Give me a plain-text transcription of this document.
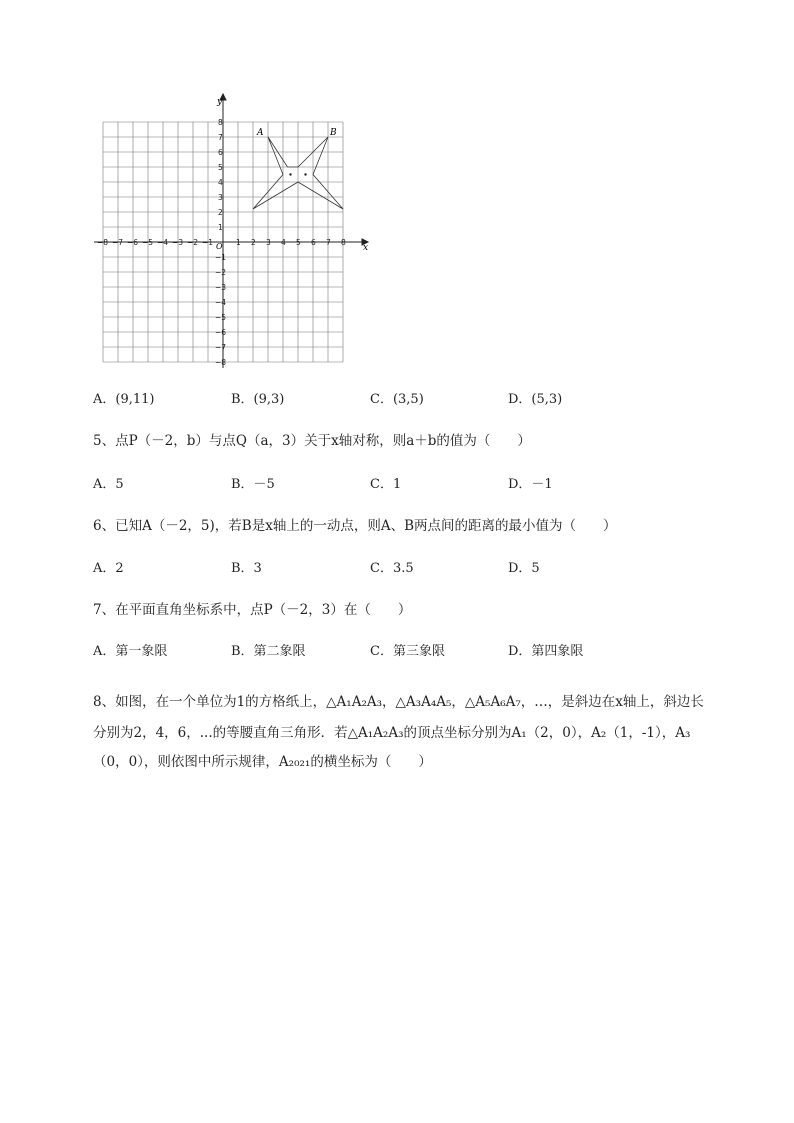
−8 −7 −6 −5 −4 −3 −2 −1	1 2 3 4 5 6 7 8
8
7
6
5
4
3
2
1
−1
−2
−3
−4
−5
−6
−7
−8
x
y
O
A	B
A．(9,11)	B．(9,3)	C．(3,5)	D．(5,3)
5、点P（－2，b）与点Q（a，3）关于x轴对称，则a＋b的值为（　　）
A．5	B．－5	C．1	D．－1
6、已知A（－2，5)，若B是x轴上的一动点，则A、B两点间的距离的最小值为（　　）
A．2	B．3	C．3.5	D．5
7、在平面直角坐标系中，点P（－2，3）在（　　）
A．第一象限	B．第二象限	C．第三象限	D．第四象限
8、如图，在一个单位为1的方格纸上，△A₁A₂A₃，△A₃A₄A₅，△A₅A₆A₇，…，是斜边在x轴上，斜边长
分别为2，4，6，...的等腰直角三角形．若△A₁A₂A₃的顶点坐标分别为A₁（2，0），A₂（1，-1），A₃
（0，0），则依图中所示规律，A₂₀₂₁的横坐标为（　　）
